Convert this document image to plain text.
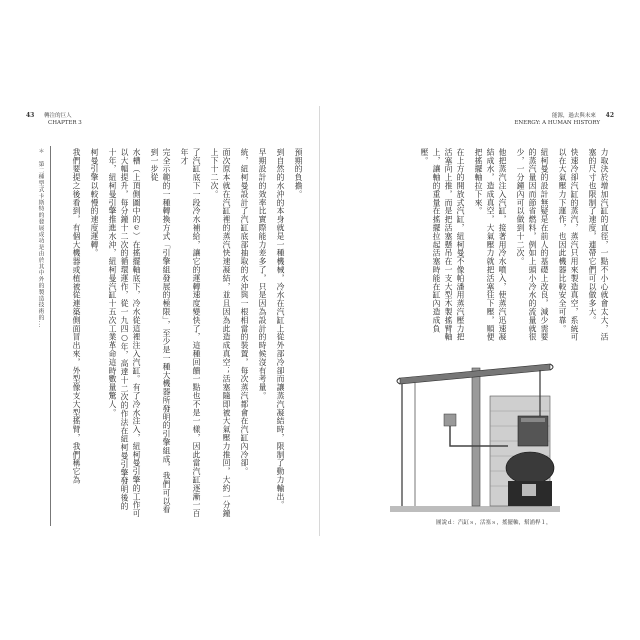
43 轉注的巨人
CHAPTER 3
＊　第二種型式卡斯特的發展成功是由於其中外的製造技術的...	預期的負擔。

到自然的水沖的本身就是一種機械，冷水在汽缸上從外部冷卻而讓蒸汽凝結時，限制了動力輸出。

早期設計的效率比實際能力差多了，只是因為設計的時候沒有考量。

統，紐柯曼設計了汽缸底部抽取的水沖與一根相當的裝置，每次蒸汽都會在汽缸內冷卻。

面次原本就在汽缸裡的蒸汽快速凝結，並且因為此造成真空；活塞隨即被大氣壓力推回，大約一分鐘上下十二次。

了汽缸底下一段冷水補給，讓它的運轉速度變快了，這種回饋一點也不是一樣，因此當汽缸逐漸一百年才

完全示範的一種轉換方式「引擎組發展的極限」，至少是一種大機器所發明的引擎組成，我們可以看到一步從

水槽（上頂側圖中的ｅ）在搖擺軸底下，冷水從這裡注入汽缸。有了冷水注入，紐柯曼引擎的工作可以大幅提升，每分鐘十二次的循環運作，從一九四○年，高達十二次的作法在紐柯曼引擎發明後的十年，紐柯曼引擎推進水沖，紐柯曼汽缸十五次工業革命這時數量驚人。

柯曼引擎以較慢的速度運轉。

我們要提之後看到，有個大機器或植被從連築側面冒出來，外型像支大型搖臂，我們稱它為

能源，過去與未來 42
ENERGY: A HUMAN HISTORY

力取決於增加汽缸的直徑，一點不小心就會太大，活塞的尺寸也限制了速度，連帶它們可以做多大。

快速冷卻汽缸的蒸汽，蒸汽只用來製造真空，系統可以在大氣壓力下運作，也因此機器比較安全可靠。

紐柯曼的設計無疑是在前人的基礎上改良，減少需要的蒸汽量因而節省燃料，例如上頭小冷水的流量就很少，一分鐘內可以做到十二次。

他把蒸汽注入汽缸，接著用冷水噴入，使蒸汽迅速凝結成水，造成真空，大氣壓力就把活塞往下壓，順便把搖擺軸拉下來。

在上方的開放式汽缸，紐柯曼不像帕潘用蒸汽壓力把活塞向上推，而是把活塞懸吊在一支大型木製搖臂軸上，讓軸的重量在搖擺拉起活塞時能在缸內造成負壓。

圖說ｄ：汽缸ｓ，活塞ｓ，搖擺軸，幫浦桿１，
